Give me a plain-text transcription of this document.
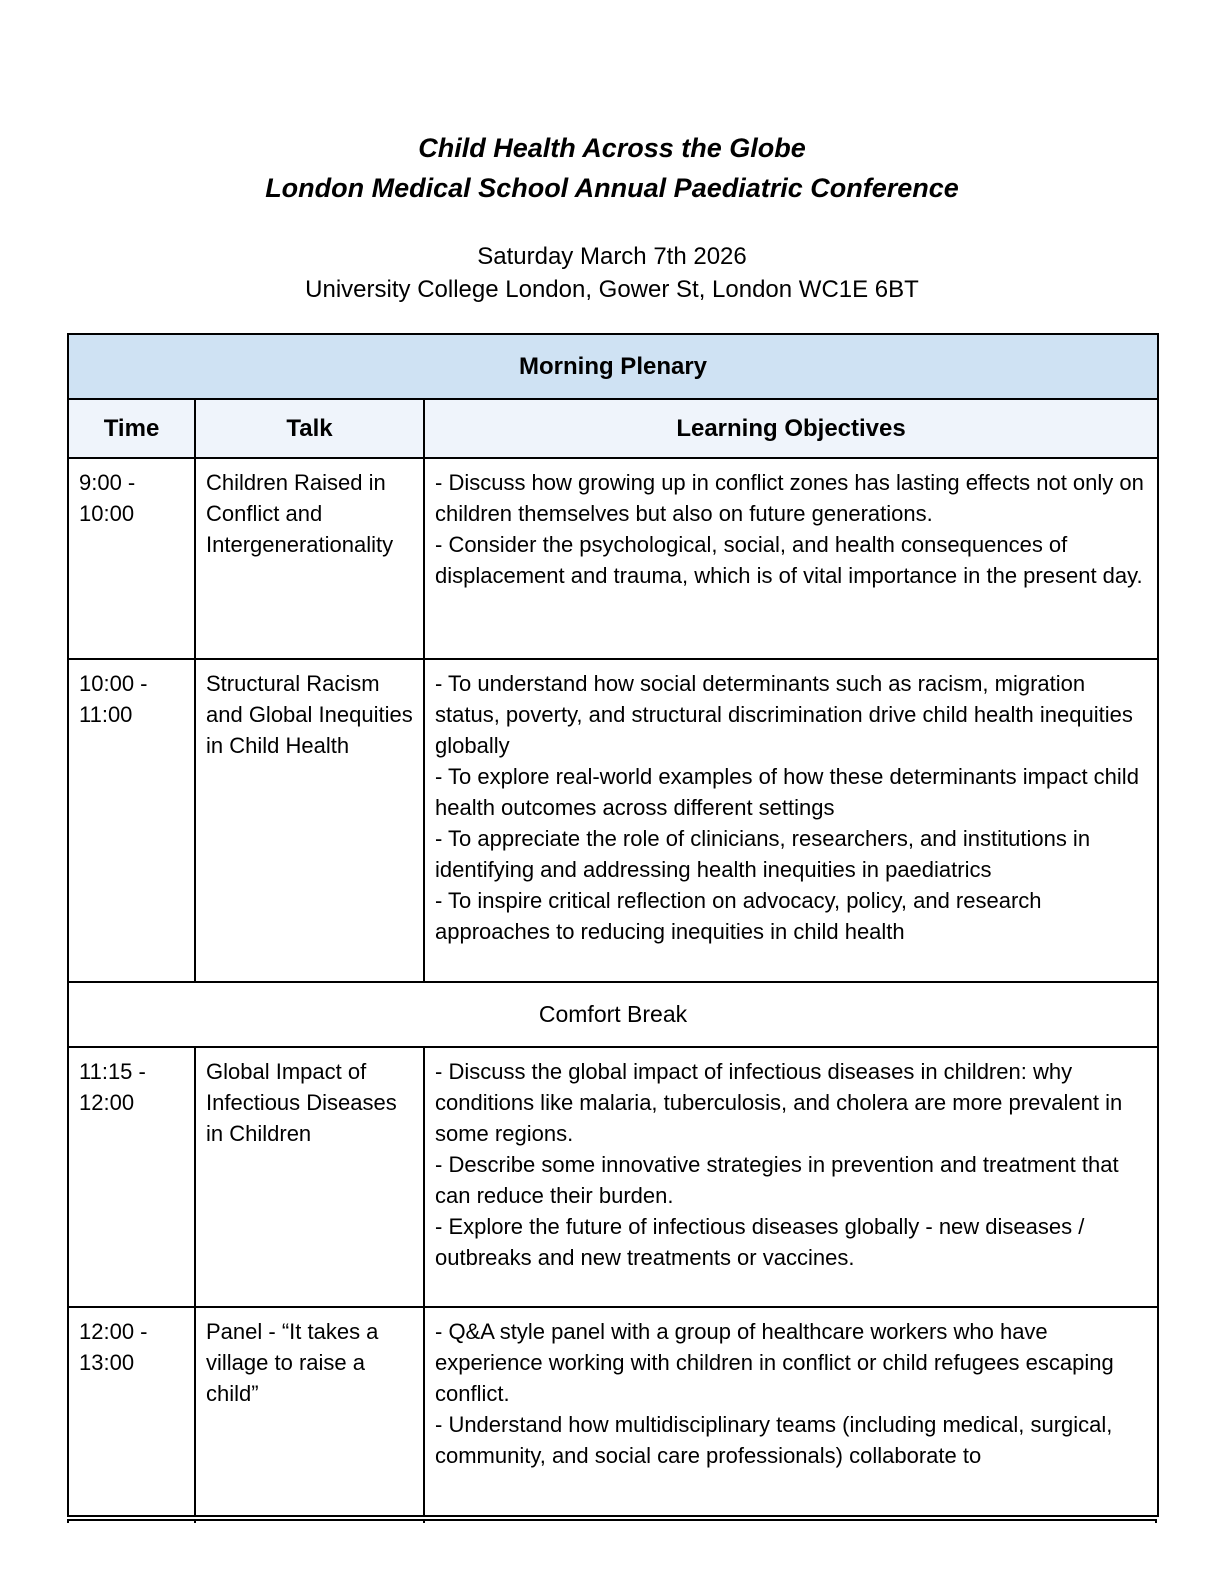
Child Health Across the Globe
London Medical School Annual Paediatric Conference
Saturday March 7th 2026
University College London, Gower St, London WC1E 6BT
Morning Plenary		
Time	Talk	Learning Objectives
9:00 - 10:00	Children Raised in Conflict and Intergenerationality	- Discuss how growing up in conflict zones has lasting effects not only on children themselves but also on future generations.
- Consider the psychological, social, and health consequences of displacement and trauma, which is of vital importance in the present day.

10:00 - 11:00	Structural Racism and Global Inequities in Child Health	- To understand how social determinants such as racism, migration status, poverty, and structural discrimination drive child health inequities globally
- To explore real-world examples of how these determinants impact child health outcomes across different settings
- To appreciate the role of clinicians, researchers, and institutions in identifying and addressing health inequities in paediatrics
- To inspire critical reflection on advocacy, policy, and research approaches to reducing inequities in child health

Comfort Break		
11:15 - 12:00	Global Impact of Infectious Diseases in Children	- Discuss the global impact of infectious diseases in children: why conditions like malaria, tuberculosis, and cholera are more prevalent in some regions.
- Describe some innovative strategies in prevention and treatment that can reduce their burden.
- Explore the future of infectious diseases globally - new diseases / outbreaks and new treatments or vaccines.

12:00 - 13:00	Panel - “It takes a village to raise a child”	- Q&A style panel with a group of healthcare workers who have experience working with children in conflict or child refugees escaping conflict.
- Understand how multidisciplinary teams (including medical, surgical, community, and social care professionals) collaborate to
